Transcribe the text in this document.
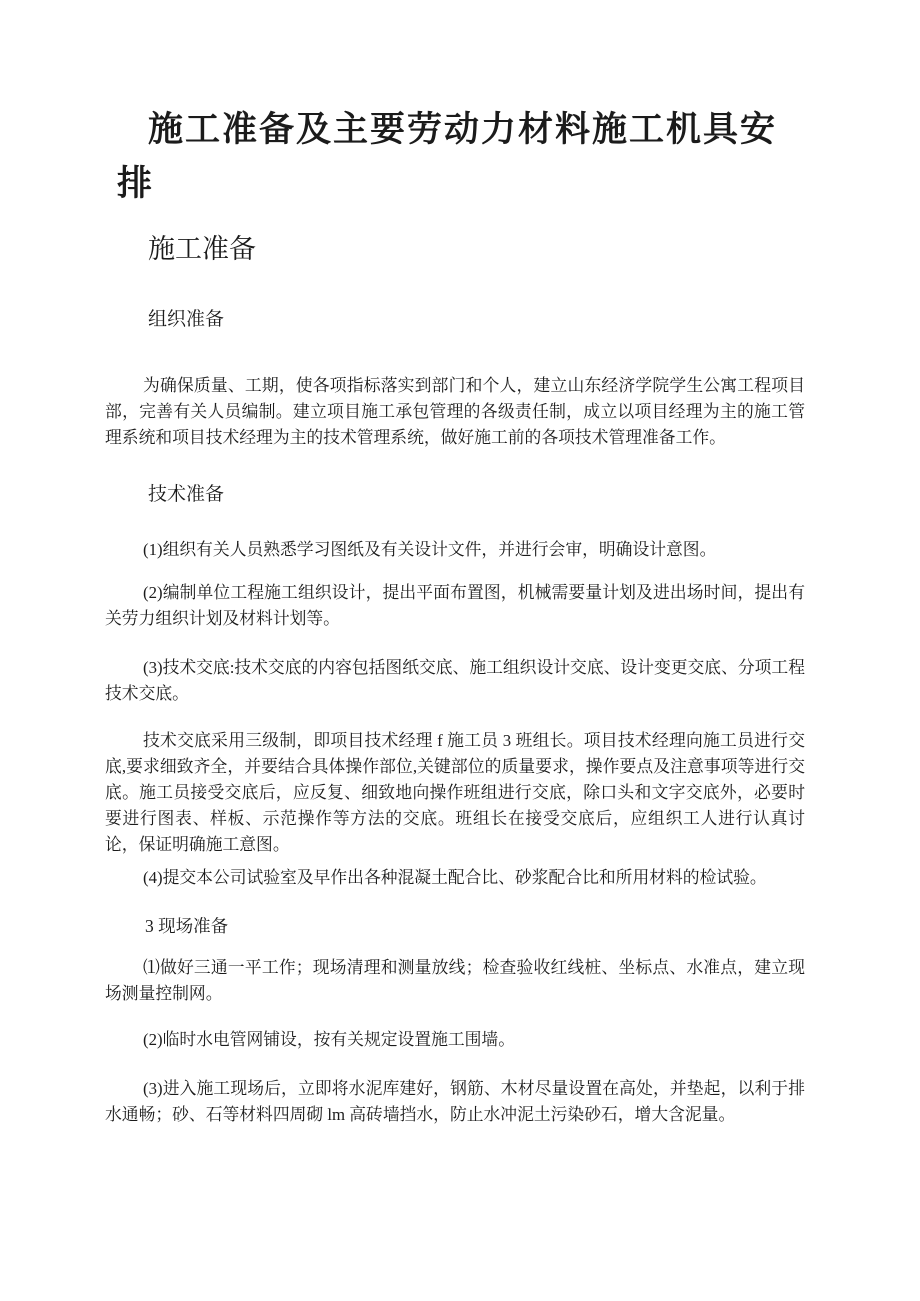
施工准备及主要劳动力材料施工机具安排
施工准备
组织准备

为确保质量、工期，使各项指标落实到部门和个人，建立山东经济学院学生公寓工程项目部，完善有关人员编制。建立项目施工承包管理的各级责任制，成立以项目经理为主的施工管理系统和项目技术经理为主的技术管理系统，做好施工前的各项技术管理准备工作。

技术准备

(1)组织有关人员熟悉学习图纸及有关设计文件，并进行会审，明确设计意图。

(2)编制单位工程施工组织设计，提出平面布置图，机械需要量计划及进出场时间，提出有关劳力组织计划及材料计划等。

(3)技术交底:技术交底的内容包括图纸交底、施工组织设计交底、设计变更交底、分项工程技术交底。

技术交底采用三级制，即项目技术经理 f 施工员 3 班组长。项目技术经理向施工员进行交底,要求细致齐全，并要结合具体操作部位,关键部位的质量要求，操作要点及注意事项等进行交底。施工员接受交底后，应反复、细致地向操作班组进行交底，除口头和文字交底外，必要时要进行图表、样板、示范操作等方法的交底。班组长在接受交底后，应组织工人进行认真讨论，保证明确施工意图。

(4)提交本公司试验室及早作出各种混凝土配合比、砂浆配合比和所用材料的检试验。

3 现场准备

⑴做好三通一平工作；现场清理和测量放线；检查验收红线桩、坐标点、水准点，建立现场测量控制网。

(2)临时水电管网铺设，按有关规定设置施工围墙。

(3)进入施工现场后，立即将水泥库建好，钢筋、木材尽量设置在高处，并垫起，以利于排水通畅；砂、石等材料四周砌 lm 高砖墙挡水，防止水冲泥土污染砂石，增大含泥量。
